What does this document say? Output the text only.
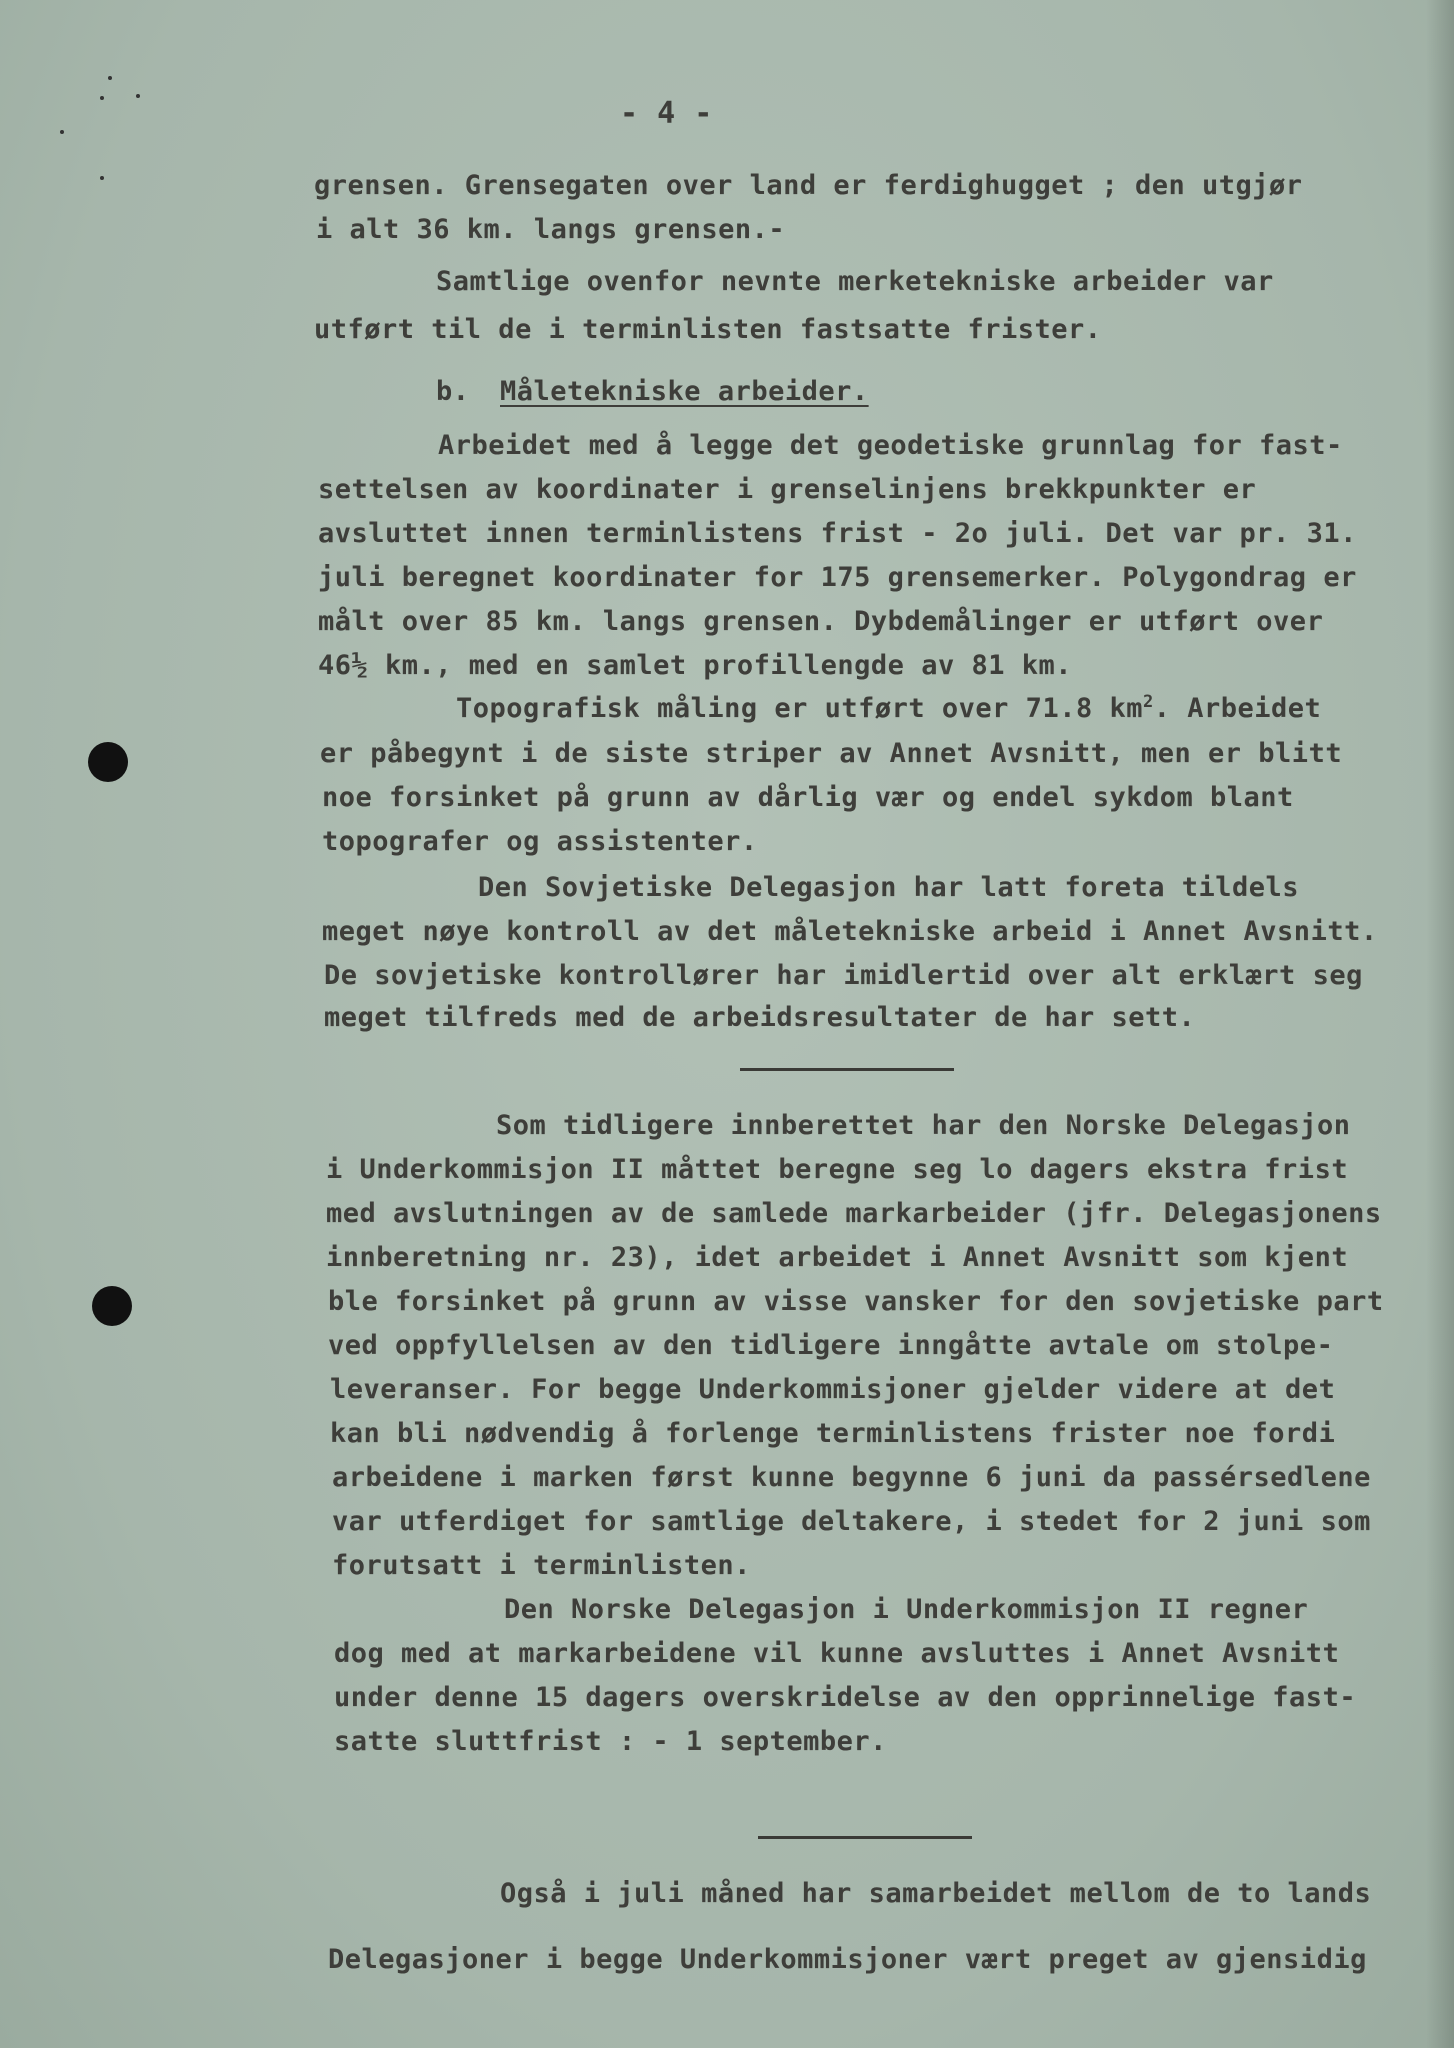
- 4 -
grensen. Grensegaten over land er ferdighugget ; den utgjør
i alt 36 km. langs grensen.-
Samtlige ovenfor nevnte merketekniske arbeider var
utført til de i terminlisten fastsatte frister.
b. Måletekniske arbeider.
Arbeidet med å legge det geodetiske grunnlag for fast-
settelsen av koordinater i grenselinjens brekkpunkter er
avsluttet innen terminlistens frist - 2o juli. Det var pr. 31.
juli beregnet koordinater for 175 grensemerker. Polygondrag er
målt over 85 km. langs grensen. Dybdemålinger er utført over
46½ km., med en samlet profillengde av 81 km.
Topografisk måling er utført over 71.8 $km^2$. Arbeidet
er påbegynt i de siste striper av Annet Avsnitt, men er blitt
noe forsinket på grunn av dårlig vær og endel sykdom blant
topografer og assistenter.
Den Sovjetiske Delegasjon har latt foreta tildels
meget nøye kontroll av det måletekniske arbeid i Annet Avsnitt.
De sovjetiske kontrollører har imidlertid over alt erklært seg
meget tilfreds med de arbeidsresultater de har sett.
Som tidligere innberettet har den Norske Delegasjon
i Underkommisjon II måttet beregne seg lo dagers ekstra frist
med avslutningen av de samlede markarbeider (jfr. Delegasjonens
innberetning nr. 23), idet arbeidet i Annet Avsnitt som kjent
ble forsinket på grunn av visse vansker for den sovjetiske part
ved oppfyllelsen av den tidligere inngåtte avtale om stolpe-
leveranser. For begge Underkommisjoner gjelder videre at det
kan bli nødvendig å forlenge terminlistens frister noe fordi
arbeidene i marken først kunne begynne 6 juni da passérsedlene
var utferdiget for samtlige deltakere, i stedet for 2 juni som
forutsatt i terminlisten.
Den Norske Delegasjon i Underkommisjon II regner
dog med at markarbeidene vil kunne avsluttes i Annet Avsnitt
under denne 15 dagers overskridelse av den opprinnelige fast-
satte sluttfrist : - 1 september.
Også i juli måned har samarbeidet mellom de to lands
Delegasjoner i begge Underkommisjoner vært preget av gjensidig
